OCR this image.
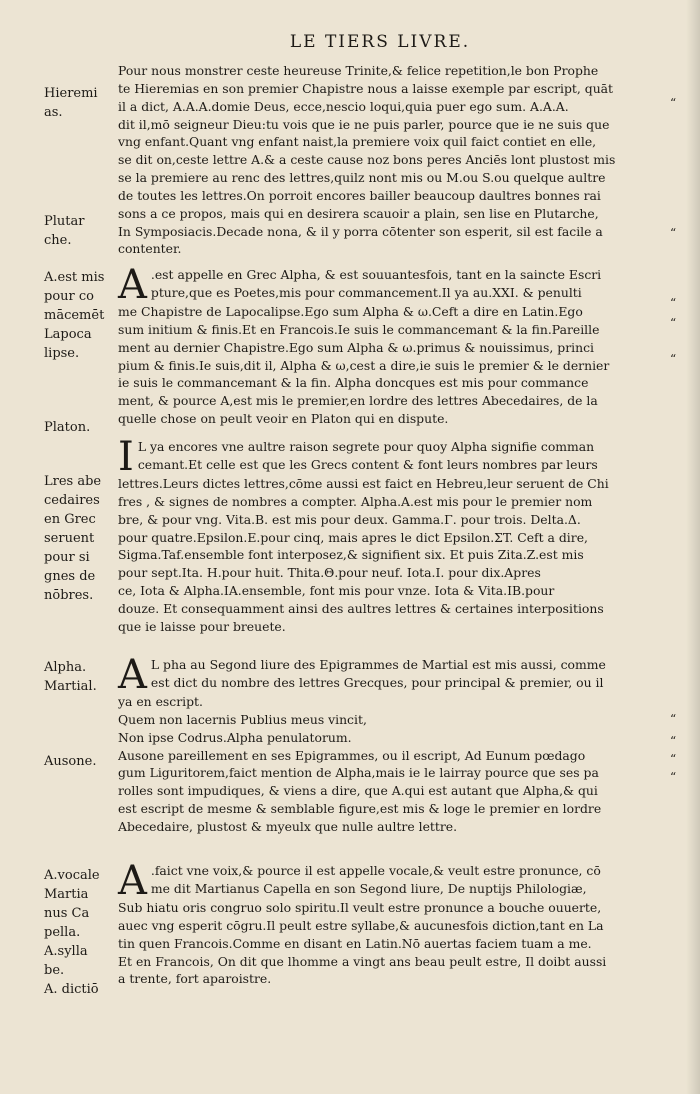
LE TIERS LIVRE.
Hieremi
as.
Plutar
che.
A.est mis
pour co
mācemēt
Lapoca
lipse.
Platon.
Lres abe
cedaires
en Grec
seruent
pour si
gnes de
nōbres.
Alpha.
Martial.
Ausone.
A.vocale
Martia
nus Ca
pella.
A.sylla
be.
A. dictiō
Pour nous monstrer ceste heureuse Trinite,& felice repetition,le bon Prophe
te Hieremias en son premier Chapistre nous a laisse exemple par escript, quāt
il a dict, A.A.A.domie Deus, ecce,nescio loqui,quia puer ego sum. A.A.A.
dit il,mō seigneur Dieu:tu vois que ie ne puis parler, pource que ie ne suis que
vng enfant.Quant vng enfant naist,la premiere voix quil faict contiet en elle,
se dit on,ceste lettre A.& a ceste cause noz bons peres Anciēs lont plustost mis
se la premiere au renc des lettres,quilz nont mis ou M.ou S.ou quelque aultre
de toutes les lettres.On porroit encores bailler beaucoup daultres bonnes rai
sons a ce propos, mais qui en desirera scauoir a plain, sen lise en Plutarche,
In Symposiacis.Decade nona, & il y porra cōtenter son esperit, sil est facile a
contenter.
A .est appelle en Grec Alpha, & est souuantesfois, tant en la saincte Escri
pture,que es Poetes,mis pour commancement.Il ya au.XXI. & penulti
me Chapistre de Lapocalipse.Ego sum Alpha & ω.Ceft a dire en Latin.Ego
sum initium & finis.Et en Francois.Ie suis le commancemant & la fin.Pareille
ment au dernier Chapistre.Ego sum Alpha & ω.primus & nouissimus, princi
pium & finis.Ie suis,dit il, Alpha & ω,cest a dire,ie suis le premier & le dernier
ie suis le commancemant & la fin. Alpha doncques est mis pour commance
ment, & pource A,est mis le premier,en lordre des lettres Abecedaires, de la
quelle chose on peult veoir en Platon qui en dispute.
I L ya encores vne aultre raison segrete pour quoy Alpha signifie comman
cemant.Et celle est que les Grecs content & font leurs nombres par leurs
lettres.Leurs dictes lettres,cōme aussi est faict en Hebreu,leur seruent de Chi
fres , & signes de nombres a compter. Alpha.A.est mis pour le premier nom
bre, & pour vng. Vita.B. est mis pour deux. Gamma.Γ. pour trois. Delta.Δ.
pour quatre.Epsilon.E.pour cinq, mais apres le dict Epsilon.ΣT. Ceft a dire,
Sigma.Taf.ensemble font interposez,& signifient six. Et puis Zita.Z.est mis
pour sept.Ita. H.pour huit. Thita.Θ.pour neuf. Iota.I. pour dix.Apres
ce, Iota & Alpha.IA.ensemble, font mis pour vnze. Iota & Vita.IB.pour
douze. Et consequamment ainsi des aultres lettres & certaines interpositions
que ie laisse pour breuete.
A L pha au Segond liure des Epigrammes de Martial est mis aussi, comme
est dict du nombre des lettres Grecques, pour principal & premier, ou il
ya en escript.
Quem non lacernis Publius meus vincit,
Non ipse Codrus.Alpha penulatorum.
Ausone pareillement en ses Epigrammes, ou il escript, Ad Eunum pœdago
gum Liguritorem,faict mention de Alpha,mais ie le lairray pource que ses pa
rolles sont impudiques, & viens a dire, que A.qui est autant que Alpha,& qui
est escript de mesme & semblable figure,est mis & loge le premier en lordre
Abecedaire, plustost & myeulx que nulle aultre lettre.
A .faict vne voix,& pource il est appelle vocale,& veult estre pronunce, cō
me dit Martianus Capella en son Segond liure, De nuptijs Philologiæ,
Sub hiatu oris congruo solo spiritu.Il veult estre pronunce a bouche ouuerte,
auec vng esperit cōgru.Il peult estre syllabe,& aucunesfois diction,tant en La
tin quen Francois.Comme en disant en Latin.Nō auertas faciem tuam a me.
Et en Francois, On dit que lhomme a vingt ans beau peult estre, Il doibt aussi
a trente, fort aparoistre.
“
“
“
“
“
“
“
“
“
